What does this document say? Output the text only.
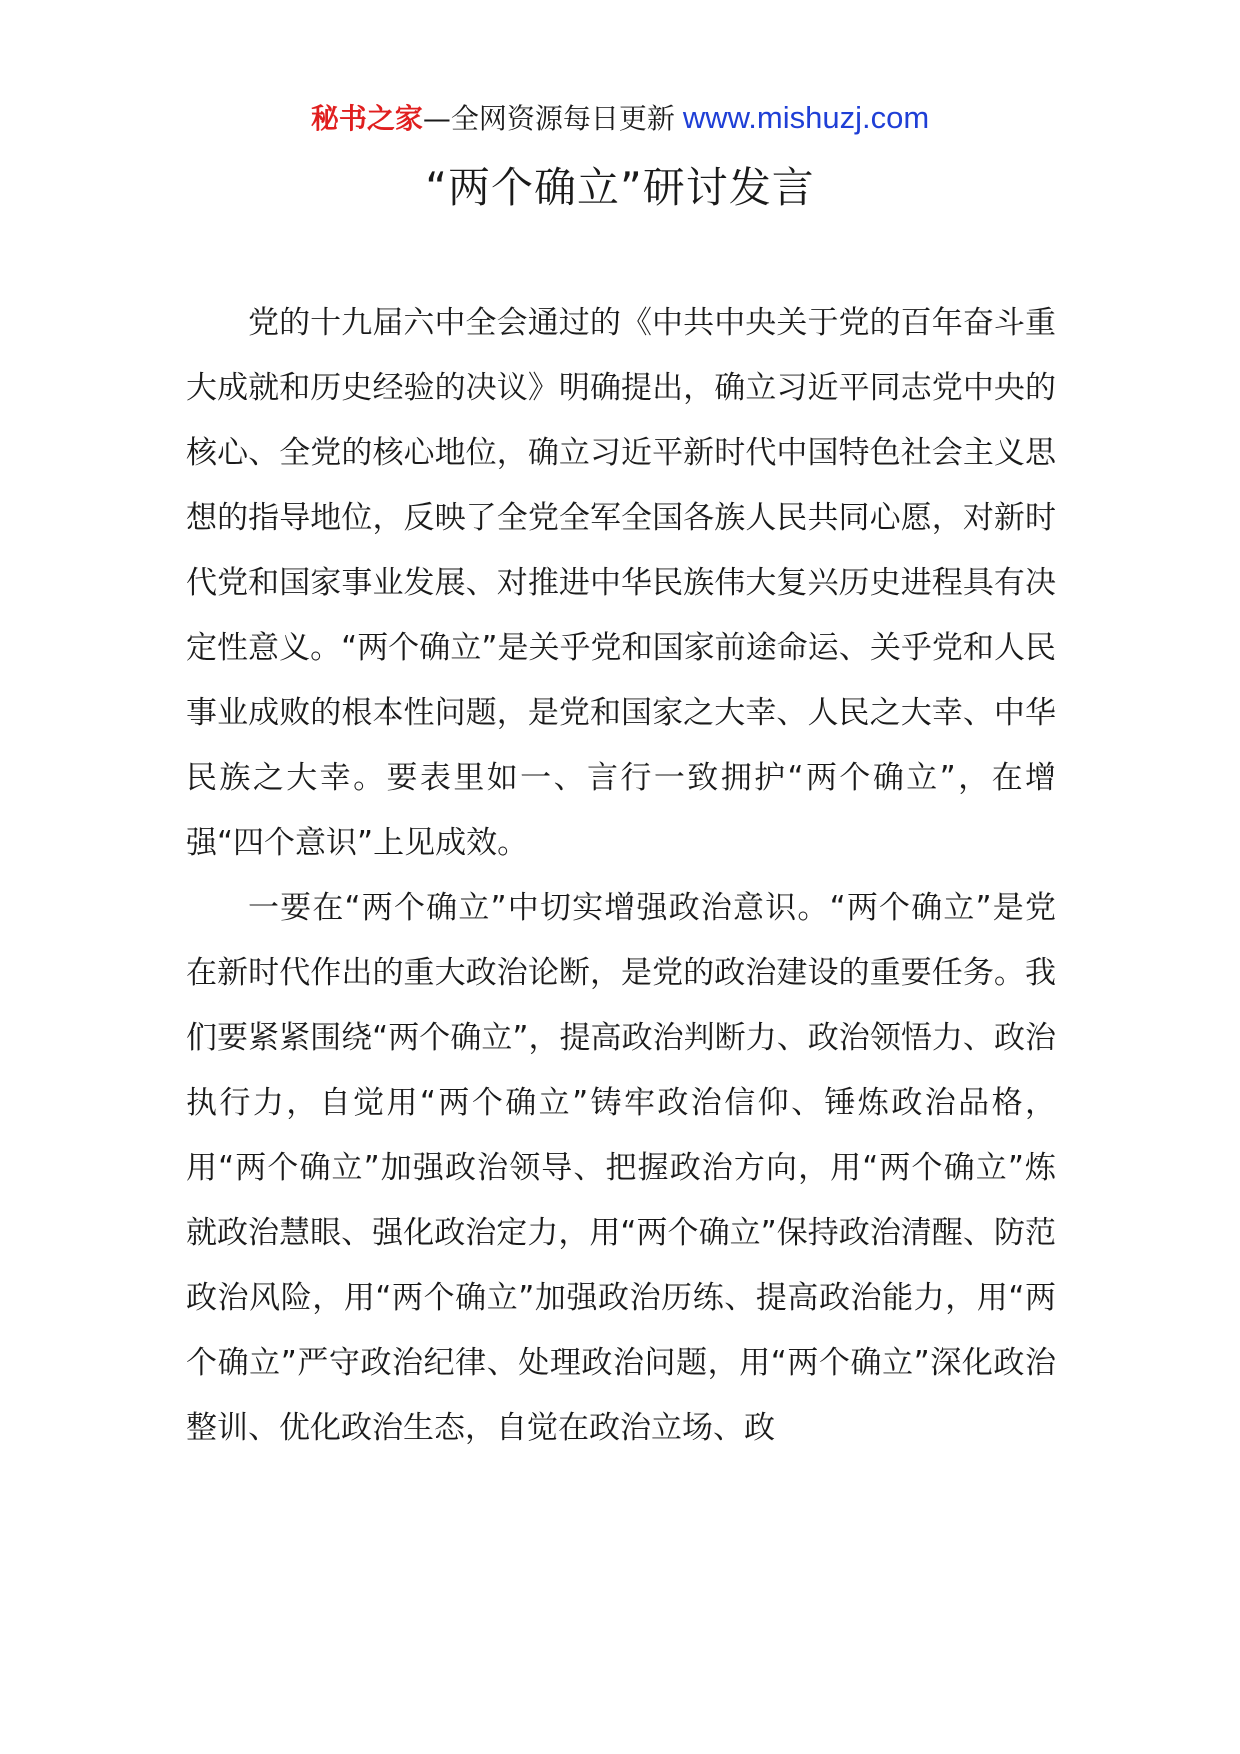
秘书之家—全网资源每日更新 www.mishuzj.com
“两个确立”研讨发言

党的十九届六中全会通过的《中共中央关于党的百年奋斗重大成就和历史经验的决议》明确提出，确立习近平同志党中央的核心、全党的核心地位，确立习近平新时代中国特色社会主义思想的指导地位，反映了全党全军全国各族人民共同心愿，对新时代党和国家事业发展、对推进中华民族伟大复兴历史进程具有决定性意义。“两个确立”是关乎党和国家前途命运、关乎党和人民事业成败的根本性问题，是党和国家之大幸、人民之大幸、中华民族之大幸。要表里如一、言行一致拥护“两个确立”，在增强“四个意识”上见成效。

一要在“两个确立”中切实增强政治意识。“两个确立”是党在新时代作出的重大政治论断，是党的政治建设的重要任务。我们要紧紧围绕“两个确立”，提高政治判断力、政治领悟力、政治执行力，自觉用“两个确立”铸牢政治信仰、锤炼政治品格，用“两个确立”加强政治领导、把握政治方向，用“两个确立”炼就政治慧眼、强化政治定力，用“两个确立”保持政治清醒、防范政治风险，用“两个确立”加强政治历练、提高政治能力，用“两个确立”严守政治纪律、处理政治问题，用“两个确立”深化政治整训、优化政治生态，自觉在政治立场、政
